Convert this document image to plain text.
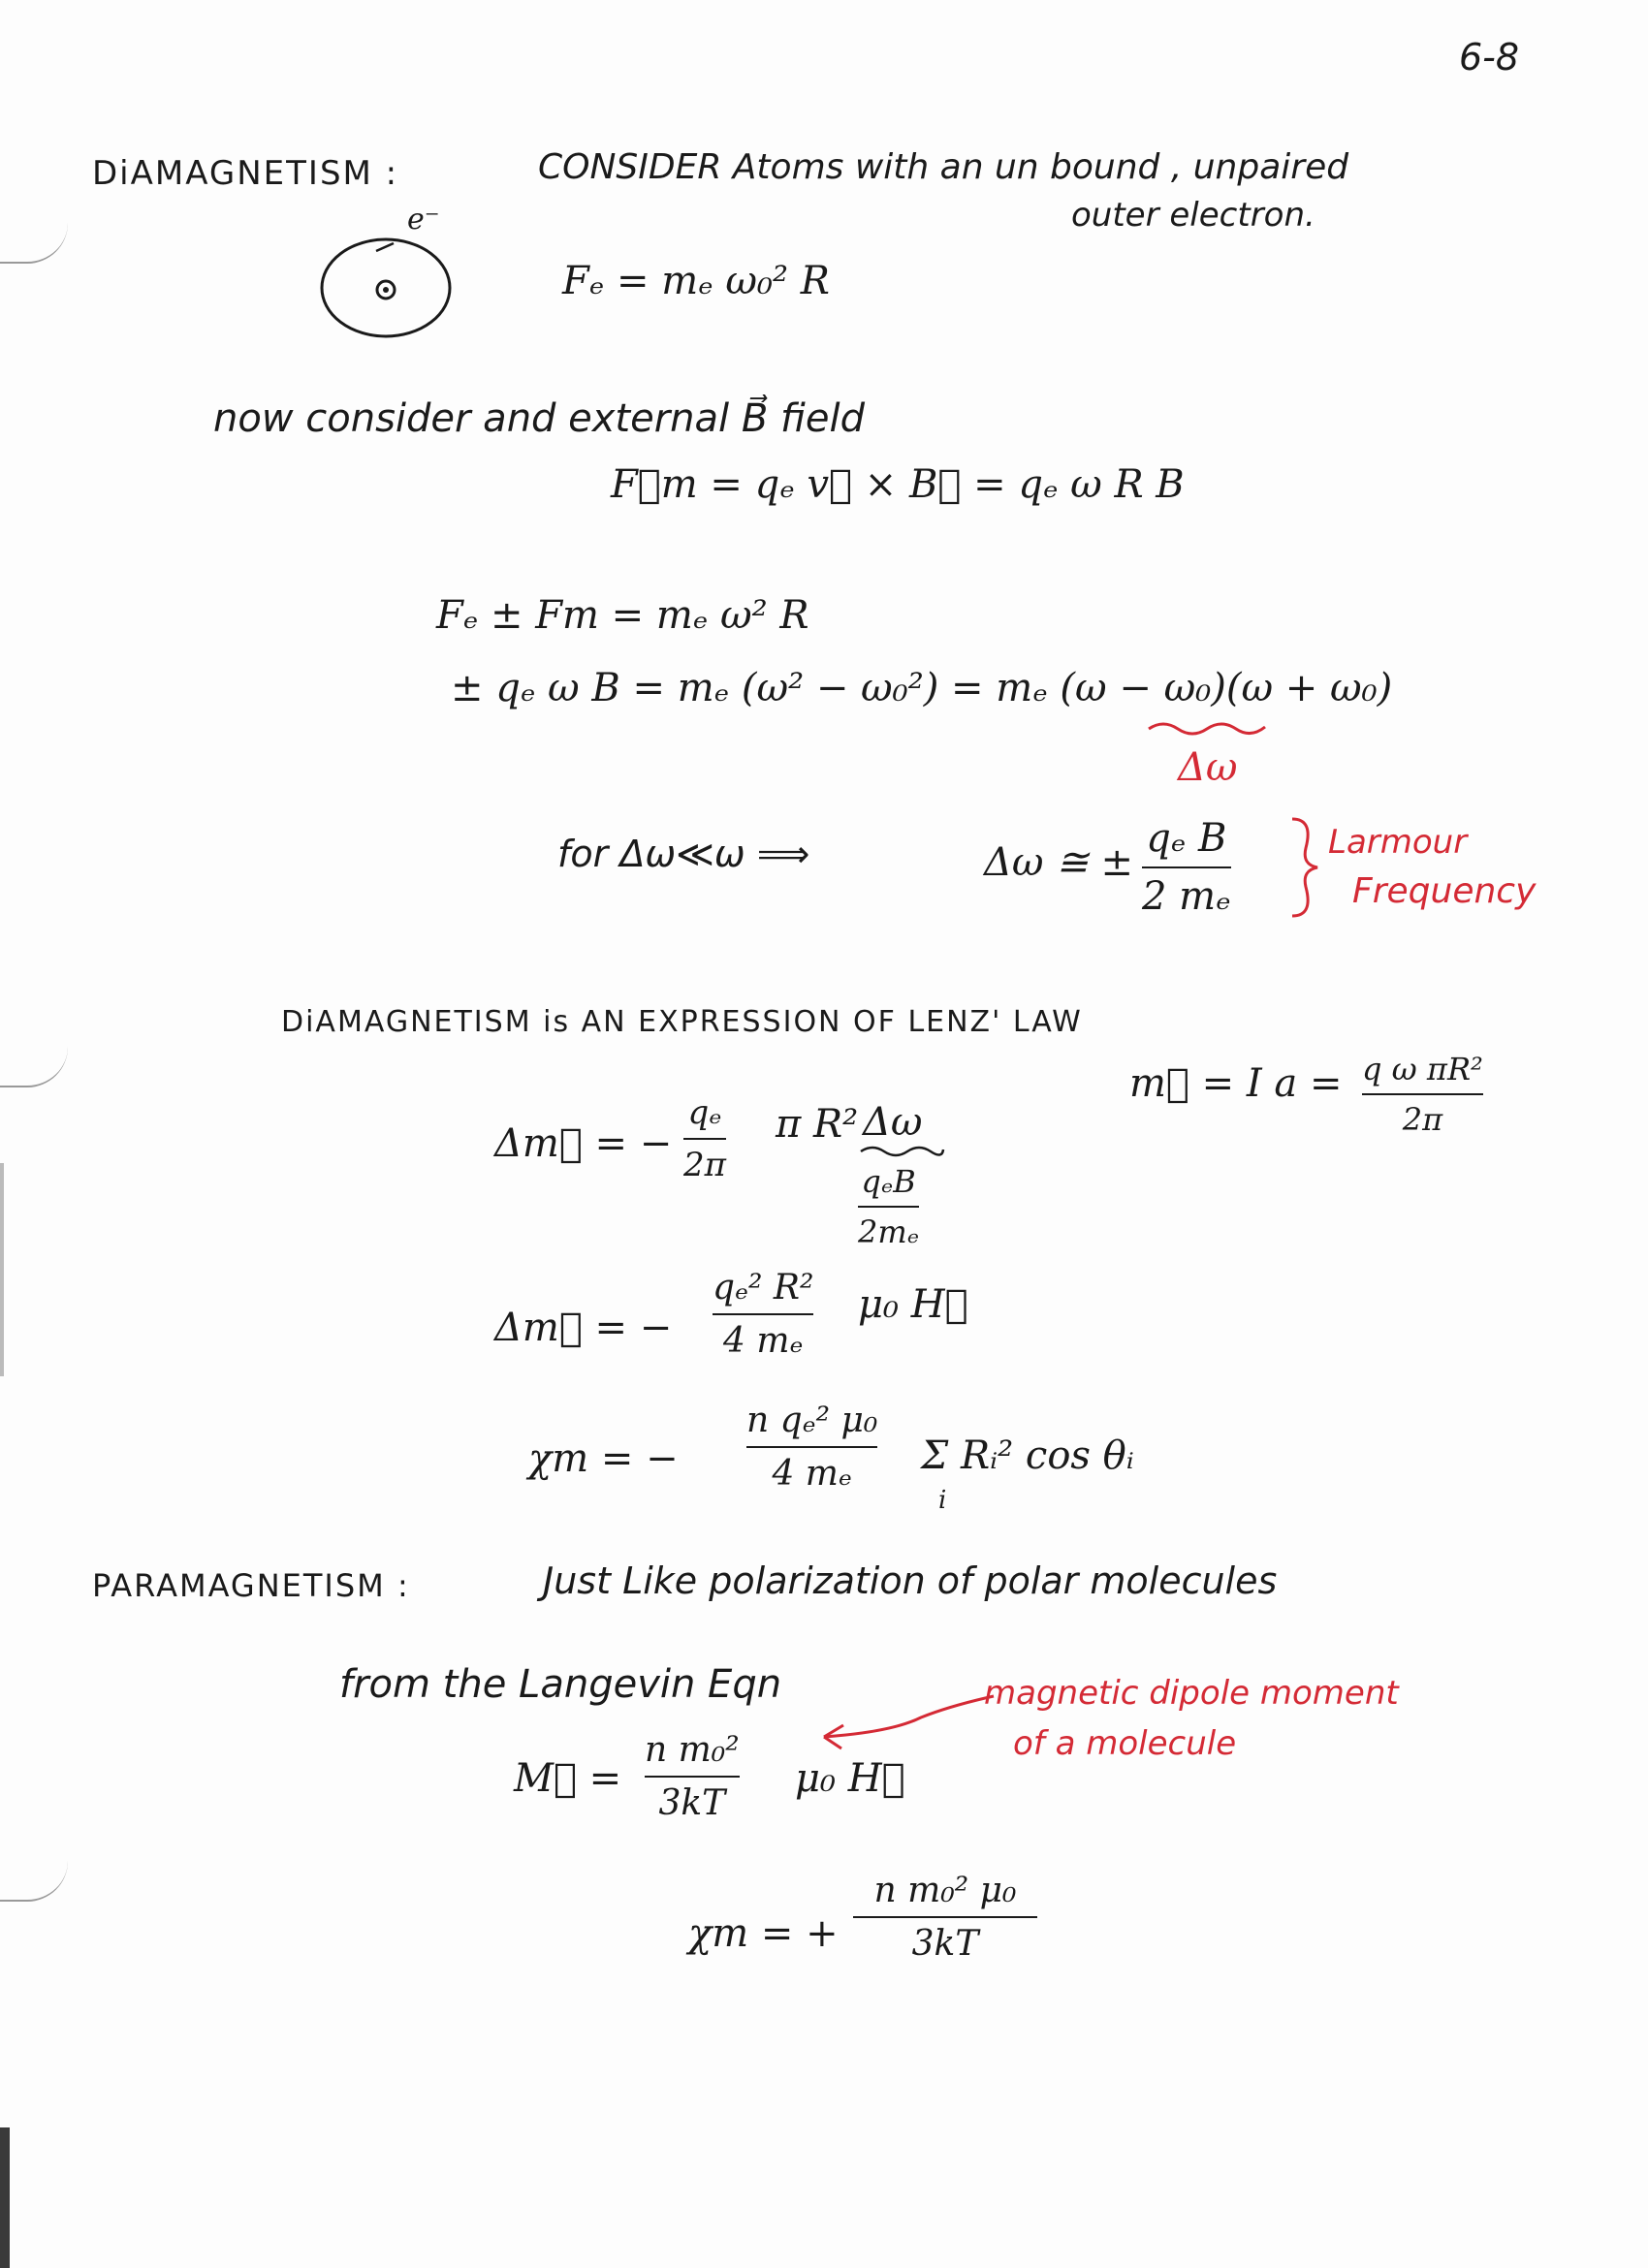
6-8
DiAMAGNETISM :	CONSIDER Atoms with an un bound , unpaired
outer electron.
e⁻
Fₑ = mₑ ω₀² R
now consider and external B⃗ field
F⃗m = qₑ v⃗ × B⃗ = qₑ ω R B
Fₑ ± Fm = mₑ ω² R
± qₑ ω B = mₑ (ω² − ω₀²) = mₑ (ω − ω₀)(ω + ω₀)
Δω
for Δω≪ω ⟹	Δω ≅ ±
qₑ B
2 mₑ
Larmour
Frequency
DiAMAGNETISM is AN EXPRESSION OF LENZ' LAW
m⃗ = I a = q ω πR²
2π
Δm⃗ = −
qₑ
2π
π R² Δω
qₑB
2mₑ
Δm⃗ = −
qₑ² R²
4 mₑ
μ₀ H⃗
χm = −
n qₑ² μ₀
4 mₑ	Σ Rᵢ² cos θᵢ
i
PARAMAGNETISM :	Just Like polarization of polar molecules
from the Langevin Eqn	magnetic dipole moment
of a molecule
M⃗ =
n m₀²
3kT
μ₀ H⃗
χm = +
n m₀² μ₀
3kT
